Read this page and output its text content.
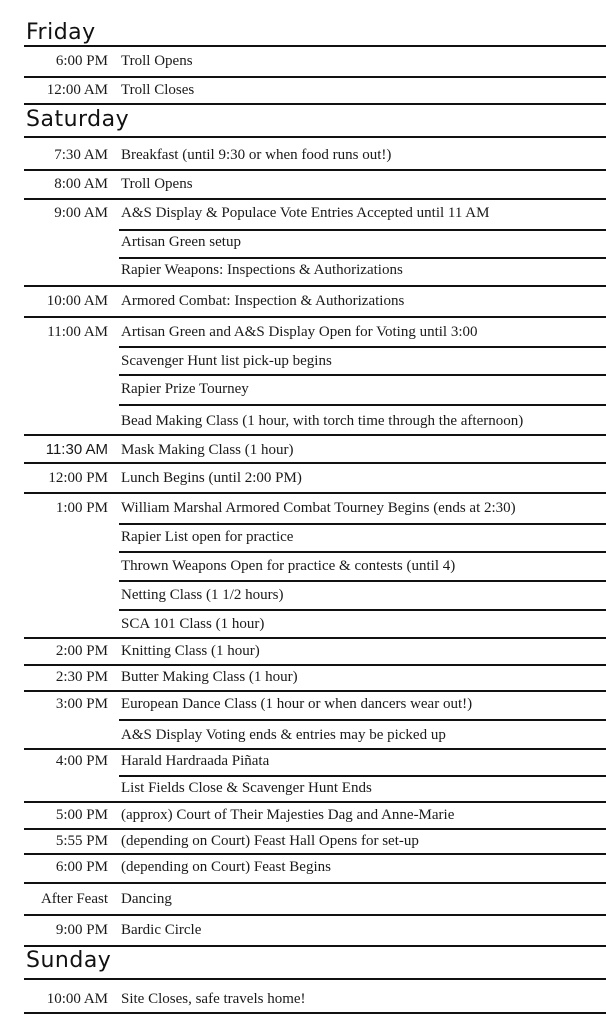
Friday
6:00 PM Troll Opens
12:00 AM Troll Closes
Saturday
7:30 AM Breakfast (until 9:30 or when food runs out!)
8:00 AM Troll Opens
9:00 AM A&S Display & Populace Vote Entries Accepted until 11 AM
Artisan Green setup
Rapier Weapons: Inspections & Authorizations
10:00 AM Armored Combat: Inspection & Authorizations
11:00 AM Artisan Green and A&S Display Open for Voting until 3:00
Scavenger Hunt list pick-up begins
Rapier Prize Tourney
Bead Making Class (1 hour, with torch time through the afternoon)
11:30 AM Mask Making Class (1 hour)
12:00 PM Lunch Begins (until 2:00 PM)
1:00 PM William Marshal Armored Combat Tourney Begins (ends at 2:30)
Rapier List open for practice
Thrown Weapons Open for practice & contests (until 4)
Netting Class (1 1/2 hours)
SCA 101 Class (1 hour)
2:00 PM Knitting Class (1 hour)
2:30 PM Butter Making Class (1 hour)
3:00 PM European Dance Class (1 hour or when dancers wear out!)
A&S Display Voting ends & entries may be picked up
4:00 PM Harald Hardraada Piñata
List Fields Close & Scavenger Hunt Ends
5:00 PM (approx) Court of Their Majesties Dag and Anne-Marie
5:55 PM (depending on Court) Feast Hall Opens for set-up
6:00 PM (depending on Court) Feast Begins
After Feast Dancing
9:00 PM Bardic Circle
Sunday
10:00 AM Site Closes, safe travels home!
